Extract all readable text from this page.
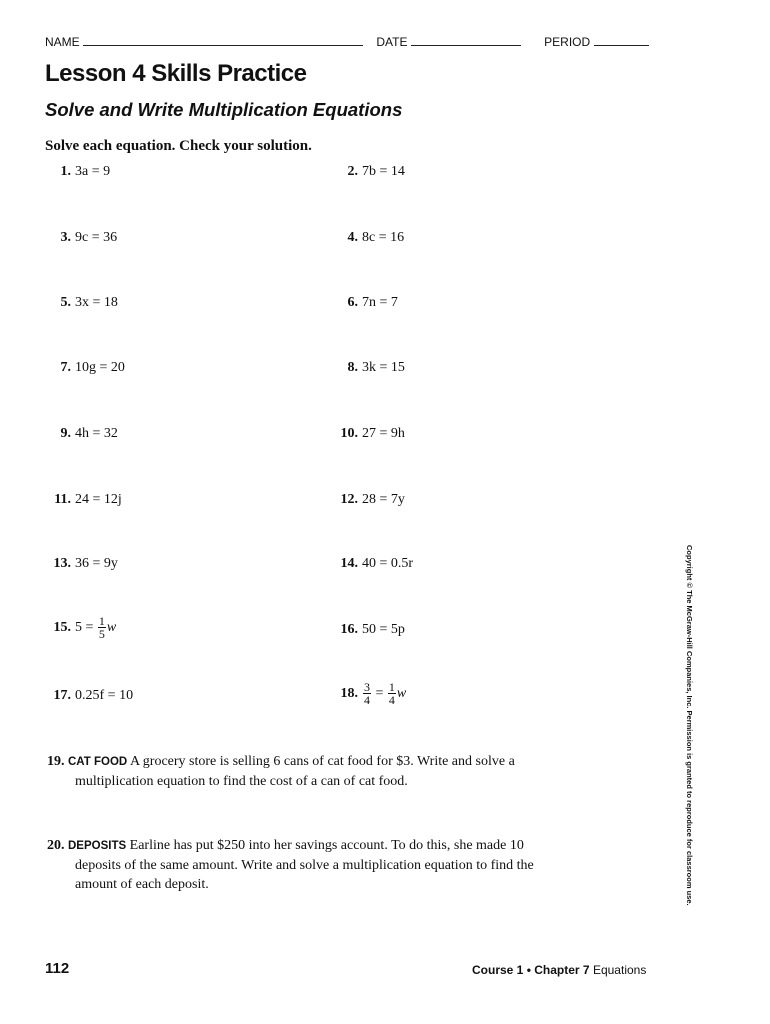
NAME	DATE	PERIOD
Lesson 4 Skills Practice
Solve and Write Multiplication Equations
Solve each equation. Check your solution.
1. 3a = 9	2. 7b = 14
3. 9c = 36	4. 8c = 16
5. 3x = 18	6. 7n = 7
7. 10g = 20	8. 3k = 15
9. 4h = 32	10. 27 = 9h
11. 24 = 12j	12. 28 = 7y
13. 36 = 9y	14. 40 = 0.5r
15. $5 = \frac{1}{5}$ w	16. 50 = 5p
17. 0.25f = 10	18. $\frac{3}{4} = \frac{1}{4}$ w
19. CAT FOOD A grocery store is selling 6 cans of cat food for $3. Write and solve a
multiplication equation to find the cost of a can of cat food.
20. DEPOSITS Earline has put $250 into her savings account. To do this, she made 10
deposits of the same amount. Write and solve a multiplication equation to find the
amount of each deposit.	Copyright © The McGraw-Hill Companies, Inc. Permission is granted to reproduce for classroom use.
112	Course 1 • Chapter 7 Equations
